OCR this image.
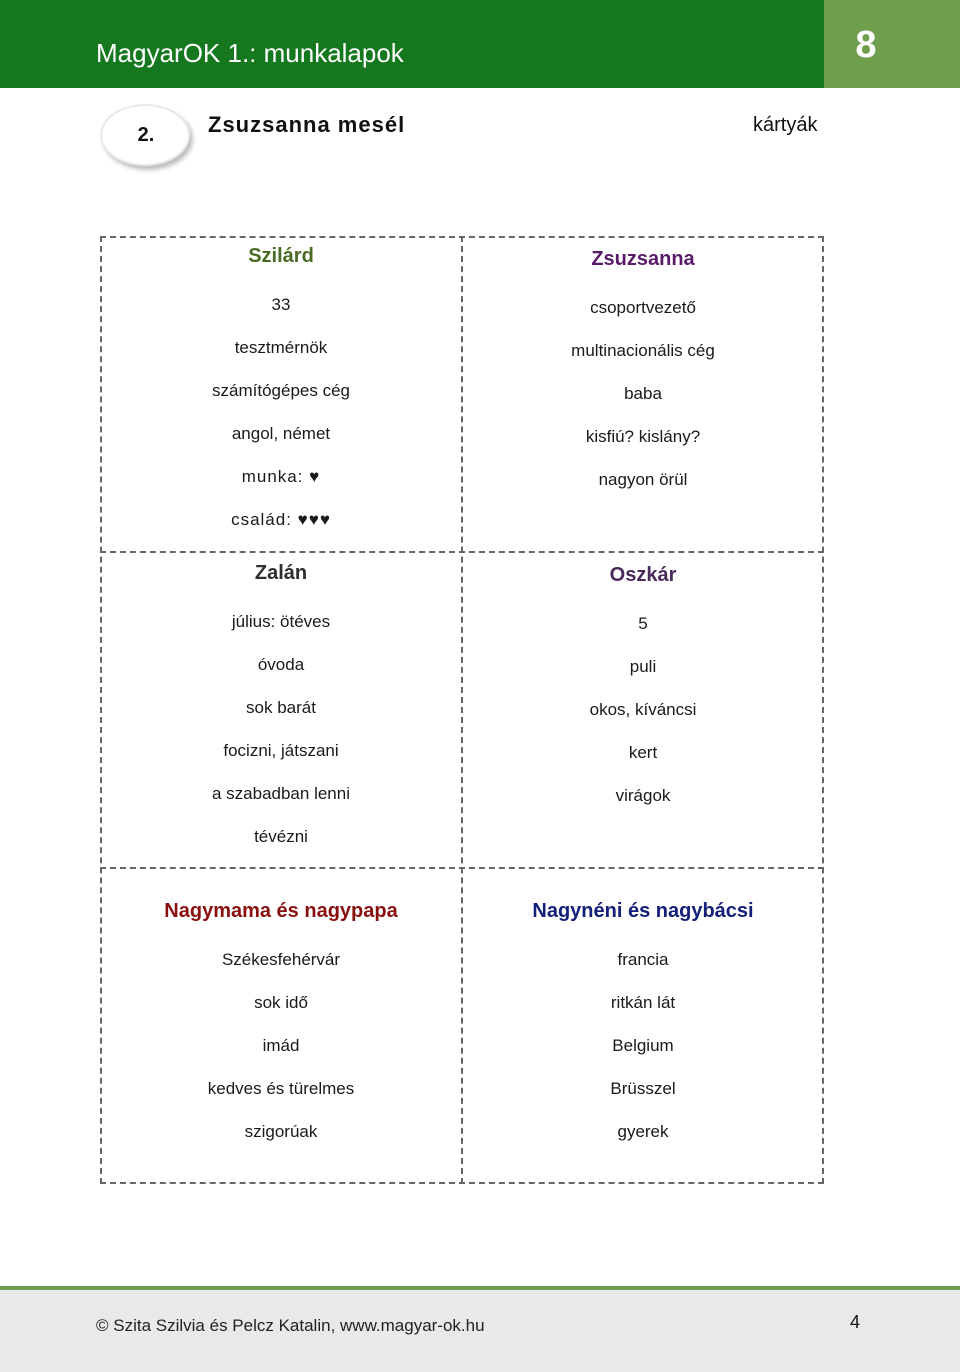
MagyarOK 1.: munkalapok	8
2.	Zsuzsanna mesél	kártyák
Szilárd
33
tesztmérnök
számítógépes cég
angol, német
munka: ♥
család: ♥♥♥
Zsuzsanna
csoportvezető
multinacionális cég
baba
kisfiú? kislány?
nagyon örül
Zalán
július: ötéves
óvoda
sok barát
focizni, játszani
a szabadban lenni
tévézni
Oszkár
5
puli
okos, kíváncsi
kert
virágok
Nagymama és nagypapa
Székesfehérvár
sok idő
imád
kedves és türelmes
szigorúak
Nagynéni és nagybácsi
francia
ritkán lát
Belgium
Brüsszel
gyerek
© Szita Szilvia és Pelcz Katalin, www.magyar-ok.hu	4
